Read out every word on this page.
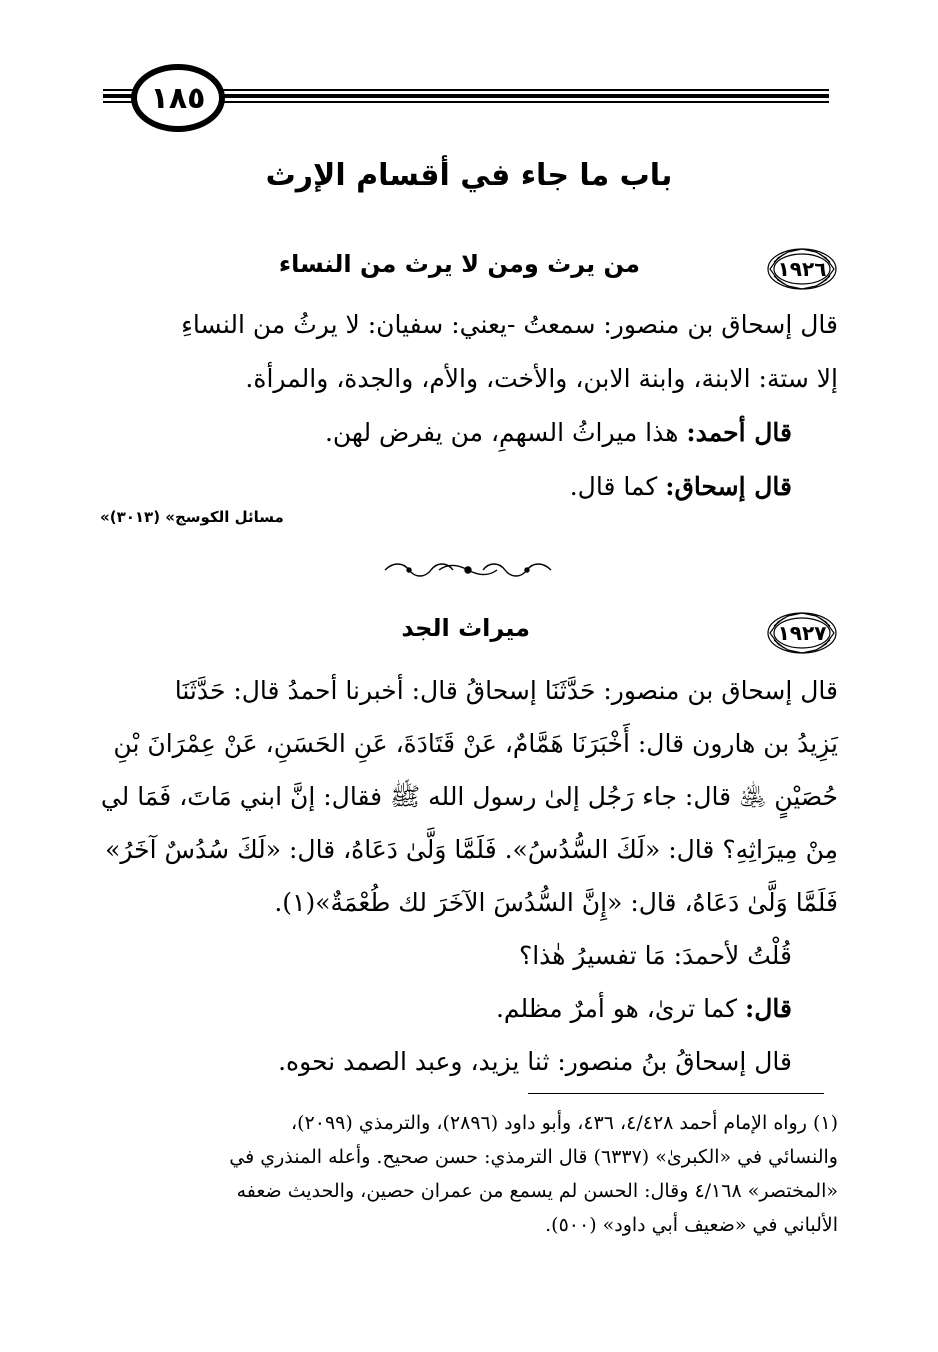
١٨٥
باب ما جاء في أقسام الإرث
١٩٢٦
من يرث ومن لا يرث من النساء
قال إسحاق بن منصور: سمعتُ -يعني: سفيان: لا يرثُ من النساءِ
إلا ستة: الابنة، وابنة الابن، والأخت، والأم، والجدة، والمرأة.
قال أحمد: هذا ميراثُ السهمِ، من يفرض لهن.
قال إسحاق: كما قال.
«مسائل الكوسج» (٣٠١٣)
١٩٢٧
ميراث الجد
قال إسحاق بن منصور: حَدَّثَنَا إسحاقُ قال: أخبرنا أحمدُ قال: حَدَّثَنَا
يَزِيدُ بن هارون قال: أَخْبَرَنَا هَمَّامٌ، عَنْ قَتَادَةَ، عَنِ الحَسَنِ، عَنْ عِمْرَانَ بْنِ
حُصَيْنٍ ﵁ قال: جاء رَجُل إلىٰ رسول الله ﷺ فقال: إنَّ ابني مَاتَ، فَمَا لي
مِنْ مِيرَاثِهِ؟ قال: «لَكَ السُّدُسُ». فَلَمَّا وَلَّىٰ دَعَاهُ، قال: «لَكَ سُدُسٌ آخَرُ»
فَلَمَّا وَلَّىٰ دَعَاهُ، قال: «إِنَّ السُّدُسَ الآخَرَ لك طُعْمَةٌ»(١).
قُلْتُ لأحمدَ: مَا تفسيرُ هٰذا؟
قال: كما ترىٰ، هو أمرٌ مظلم.
قال إسحاقُ بنُ منصور: ثنا يزيد، وعبد الصمد نحوه.
(١) رواه الإمام أحمد ٤/٤٢٨، ٤٣٦، وأبو داود (٢٨٩٦)، والترمذي (٢٠٩٩)،
والنسائي في «الكبرىٰ» (٦٣٣٧) قال الترمذي: حسن صحيح. وأعله المنذري في
«المختصر» ٤/١٦٨ وقال: الحسن لم يسمع من عمران حصين، والحديث ضعفه
الألباني في «ضعيف أبي داود» (٥٠٠).
